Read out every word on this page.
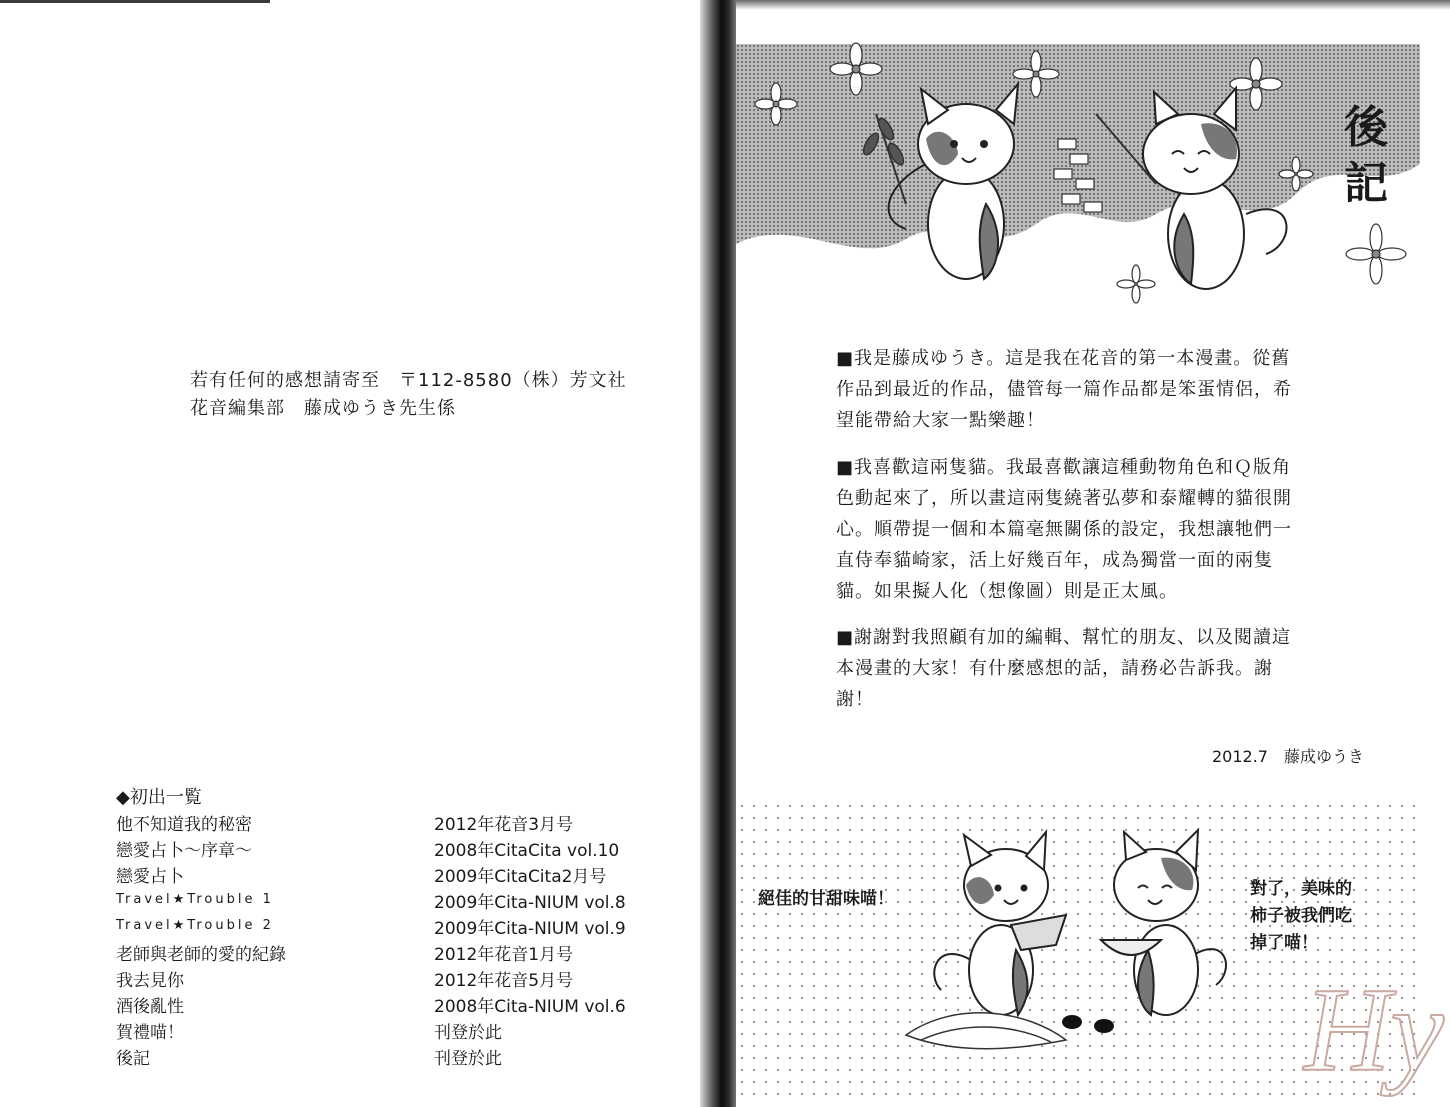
若有任何的感想請寄至　〒112-8580（株）芳文社
花音編集部　藤成ゆうき先生係
◆初出一覧
他不知道我的秘密	2012年花音3月号
戀愛占卜～序章～	2008年CitaCita vol.10
戀愛占卜	2009年CitaCita2月号
Travel★Trouble 1	2009年Cita-NIUM vol.8
Travel★Trouble 2	2009年Cita-NIUM vol.9
老師與老師的愛的紀錄	2012年花音1月号
我去見你	2012年花音5月号
酒後亂性	2008年Cita-NIUM vol.6
賀禮喵！	刊登於此
後記	刊登於此
後
記
■我是藤成ゆうき。這是我在花音的第一本漫畫。從舊作品到最近的作品，儘管每一篇作品都是笨蛋情侶，希望能帶給大家一點樂趣！
■我喜歡這兩隻貓。我最喜歡讓這種動物角色和Ｑ版角色動起來了，所以畫這兩隻繞著弘夢和泰耀轉的貓很開心。順帶提一個和本篇毫無關係的設定，我想讓牠們一直侍奉貓崎家，活上好幾百年，成為獨當一面的兩隻貓。如果擬人化（想像圖）則是正太風。
■謝謝對我照顧有加的編輯、幫忙的朋友、以及閱讀這本漫畫的大家！有什麼感想的話，請務必告訴我。謝謝！
2012.7　藤成ゆうき
Hy
絕佳的甘甜味喵！	對了，美味的
柿子被我們吃
掉了喵！
